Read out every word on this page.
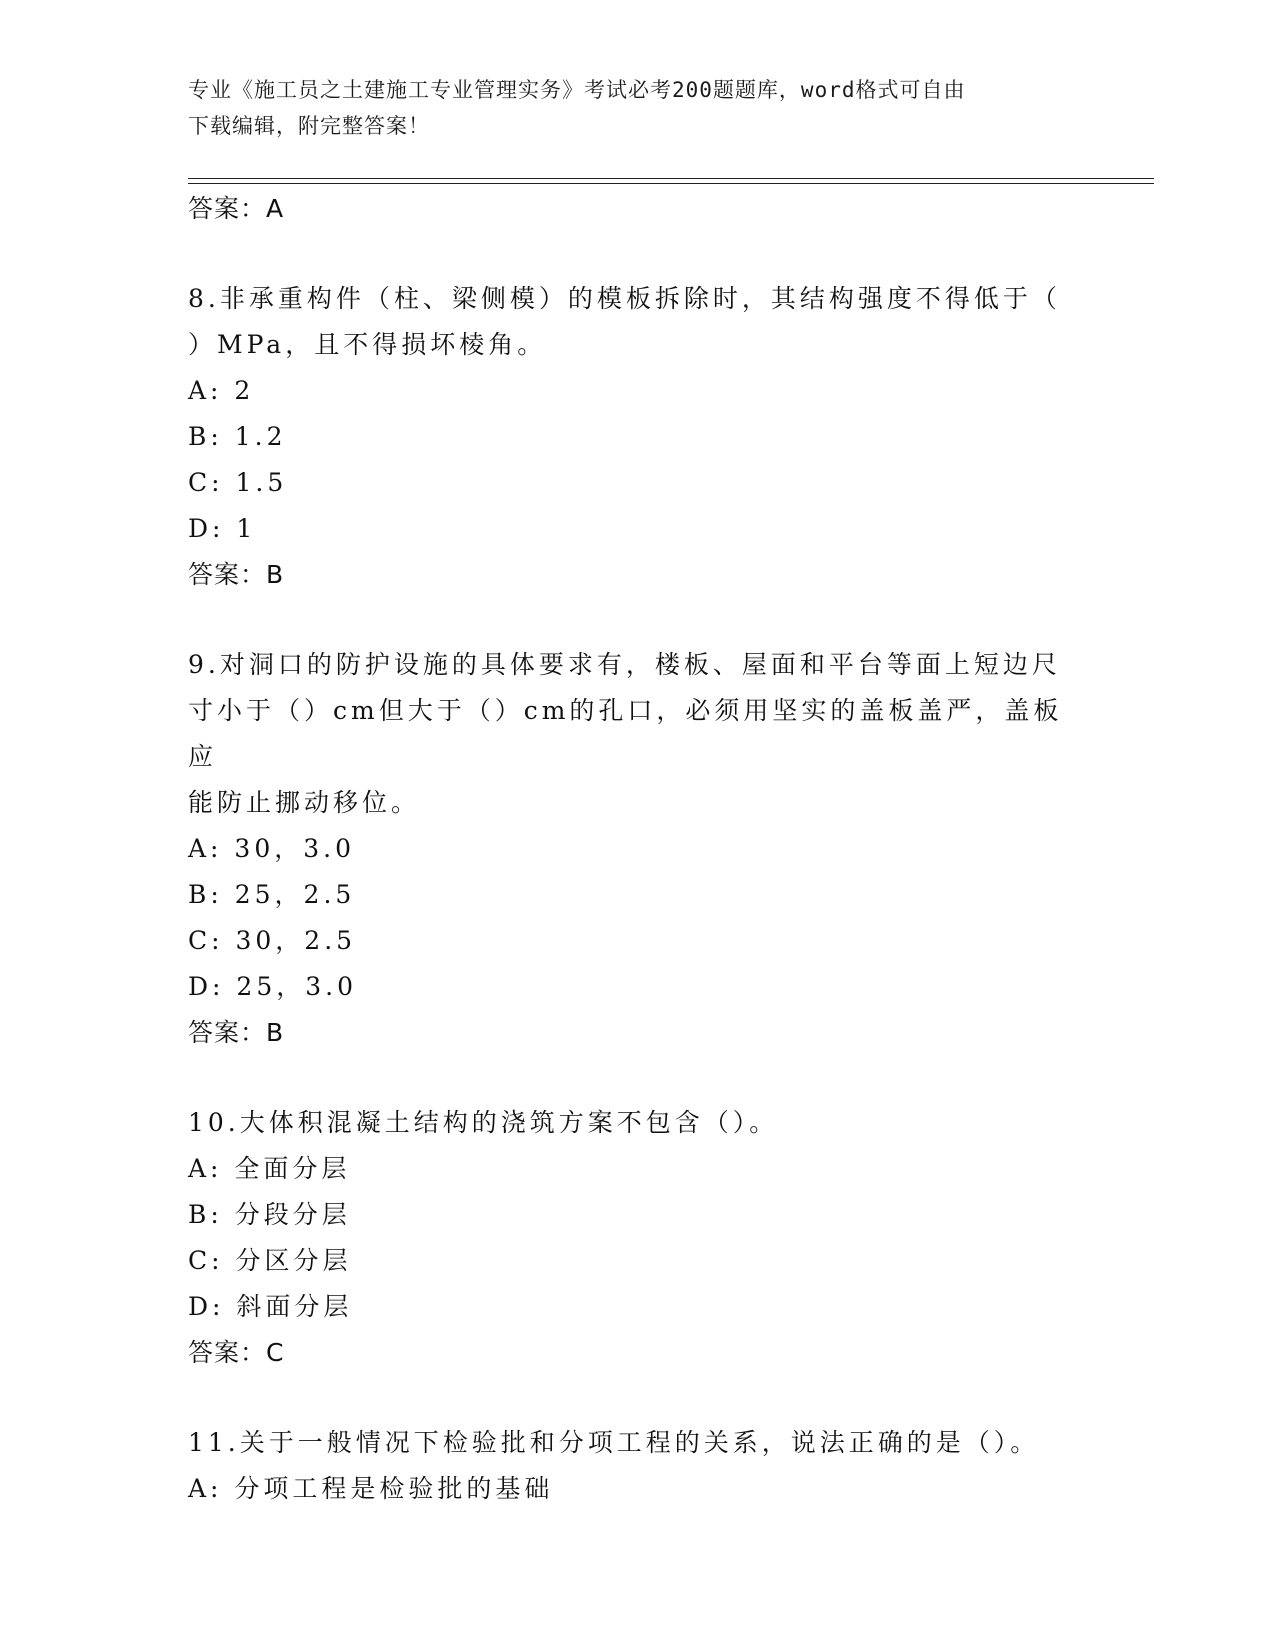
专业《施工员之土建施工专业管理实务》考试必考200题题库，word格式可自由
下载编辑，附完整答案！
答案：A
8.非承重构件（柱、梁侧模）的模板拆除时，其结构强度不得低于（
）MPa，且不得损坏棱角。
A: 2
B: 1.2
C: 1.5
D: 1
答案：B
9.对洞口的防护设施的具体要求有，楼板、屋面和平台等面上短边尺
寸小于（）cm但大于（）cm的孔口，必须用坚实的盖板盖严，盖板应
能防止挪动移位。
A: 30，3.0
B: 25，2.5
C: 30，2.5
D: 25，3.0
答案：B
10.大体积混凝土结构的浇筑方案不包含（）。
A: 全面分层
B: 分段分层
C: 分区分层
D: 斜面分层
答案：C
11.关于一般情况下检验批和分项工程的关系，说法正确的是（）。
A: 分项工程是检验批的基础
